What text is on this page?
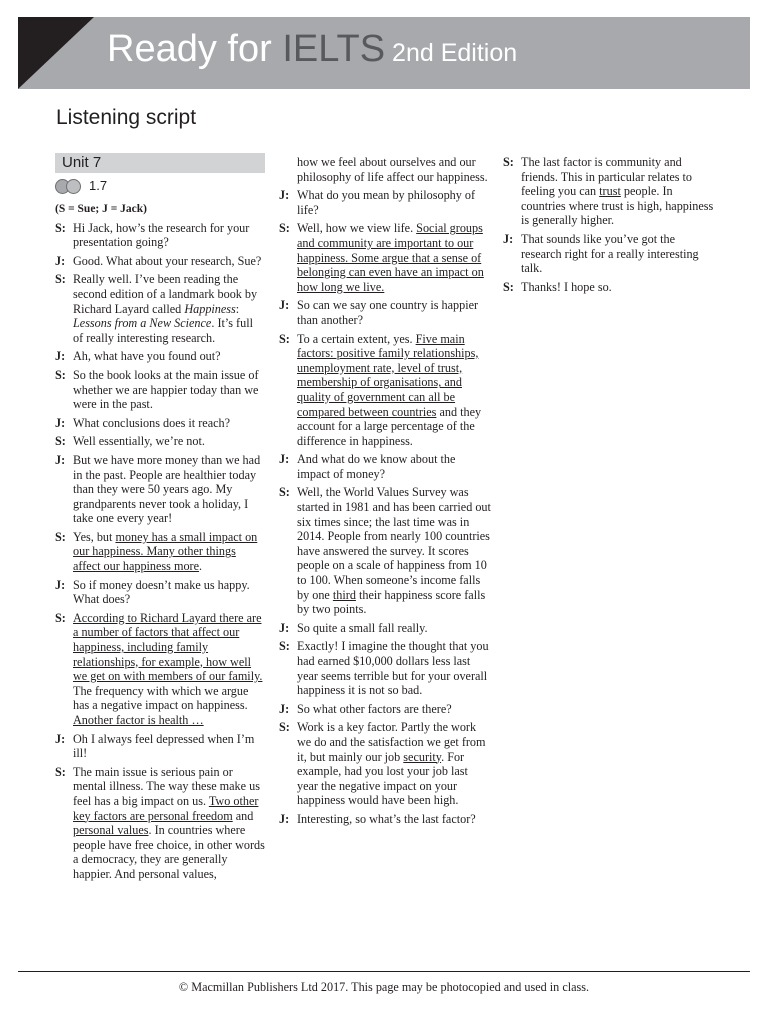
Ready for IELTS 2nd Edition
Listening script
Unit 7
1.7
(S = Sue; J = Jack)
S: Hi Jack, how’s the research for your presentation going?
J: Good. What about your research, Sue?
S: Really well. I’ve been reading the second edition of a landmark book by Richard Layard called Happiness: Lessons from a New Science. It’s full of really interesting research.
J: Ah, what have you found out?
S: So the book looks at the main issue of whether we are happier today than we were in the past.
J: What conclusions does it reach?
S: Well essentially, we’re not.
J: But we have more money than we had in the past. People are healthier today than they were 50 years ago. My grandparents never took a holiday, I take one every year!
S: Yes, but money has a small impact on our happiness. Many other things affect our happiness more.
J: So if money doesn’t make us happy. What does?
S: According to Richard Layard there are a number of factors that affect our happiness, including family relationships, for example, how well we get on with members of our family. The frequency with which we argue has a negative impact on happiness. Another factor is health …
J: Oh I always feel depressed when I’m ill!
S: The main issue is serious pain or mental illness. The way these make us feel has a big impact on us. Two other key factors are personal freedom and personal values. In countries where people have free choice, in other words a democracy, they are generally happier. And personal values,
how we feel about ourselves and our philosophy of life affect our happiness.
J: What do you mean by philosophy of life?
S: Well, how we view life. Social groups and community are important to our happiness. Some argue that a sense of belonging can even have an impact on how long we live.
J: So can we say one country is happier than another?
S: To a certain extent, yes. Five main factors: positive family relationships, unemployment rate, level of trust, membership of organisations, and quality of government can all be compared between countries and they account for a large percentage of the difference in happiness.
J: And what do we know about the impact of money?
S: Well, the World Values Survey was started in 1981 and has been carried out six times since; the last time was in 2014. People from nearly 100 countries have answered the survey. It scores people on a scale of happiness from 10 to 100. When someone’s income falls by one third their happiness score falls by two points.
J: So quite a small fall really.
S: Exactly! I imagine the thought that you had earned $10,000 dollars less last year seems terrible but for your overall happiness it is not so bad.
J: So what other factors are there?
S: Work is a key factor. Partly the work we do and the satisfaction we get from it, but mainly our job security. For example, had you lost your job last year the negative impact on your happiness would have been high.
J: Interesting, so what’s the last factor?
S: The last factor is community and friends. This in particular relates to feeling you can trust people. In countries where trust is high, happiness is generally higher.
J: That sounds like you’ve got the research right for a really interesting talk.
S: Thanks! I hope so.
© Macmillan Publishers Ltd 2017. This page may be photocopied and used in class.
